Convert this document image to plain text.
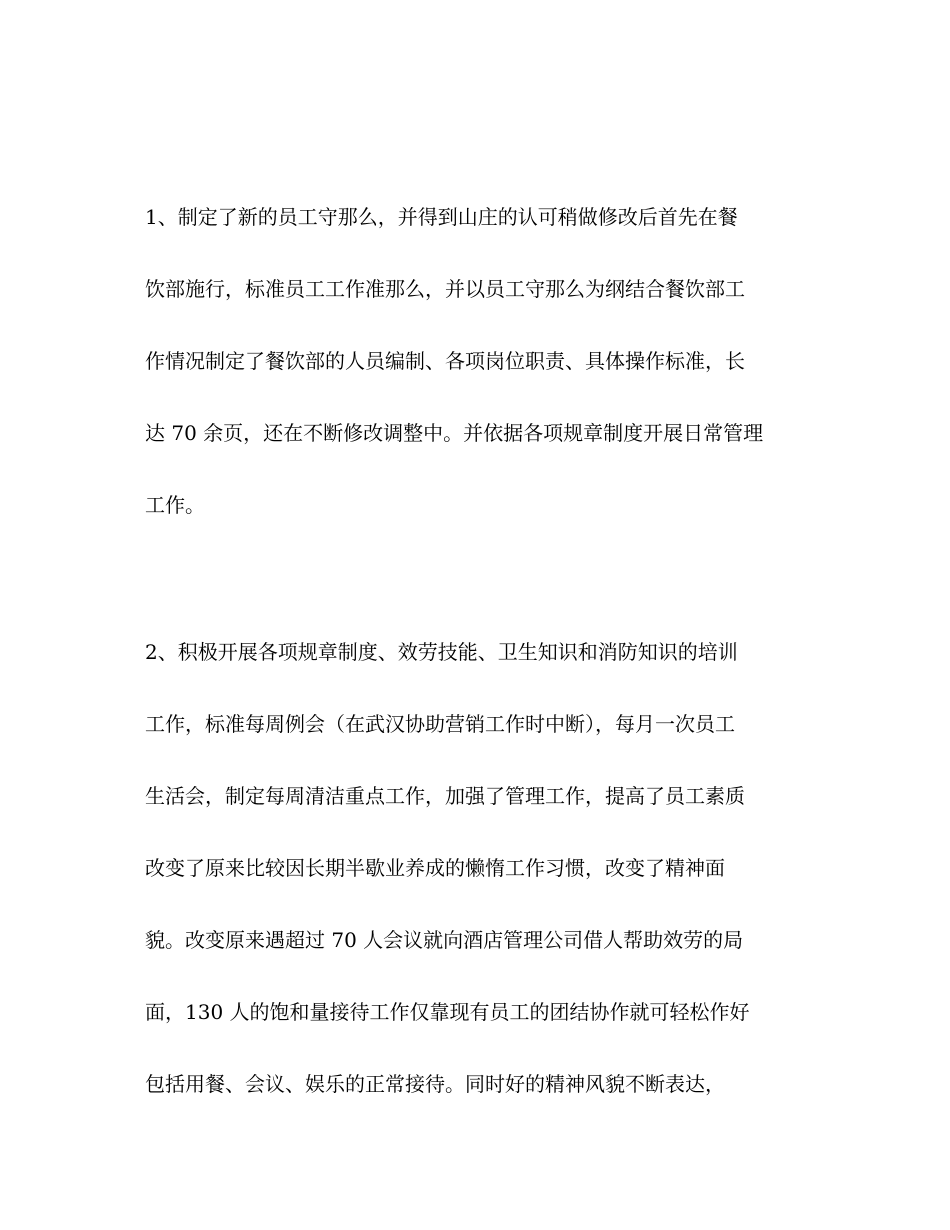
1、制定了新的员工守那么，并得到山庄的认可稍做修改后首先在餐
饮部施行，标准员工工作准那么，并以员工守那么为纲结合餐饮部工
作情况制定了餐饮部的人员编制、各项岗位职责、具体操作标准，长
达 70 余页，还在不断修改调整中。并依据各项规章制度开展日常管理
工作。
2、积极开展各项规章制度、效劳技能、卫生知识和消防知识的培训
工作，标准每周例会（在武汉协助营销工作时中断），每月一次员工
生活会，制定每周清洁重点工作，加强了管理工作，提高了员工素质
改变了原来比较因长期半歇业养成的懒惰工作习惯，改变了精神面
貌。改变原来遇超过 70 人会议就向酒店管理公司借人帮助效劳的局
面，130 人的饱和量接待工作仅靠现有员工的团结协作就可轻松作好
包括用餐、会议、娱乐的正常接待。同时好的精神风貌不断表达，
